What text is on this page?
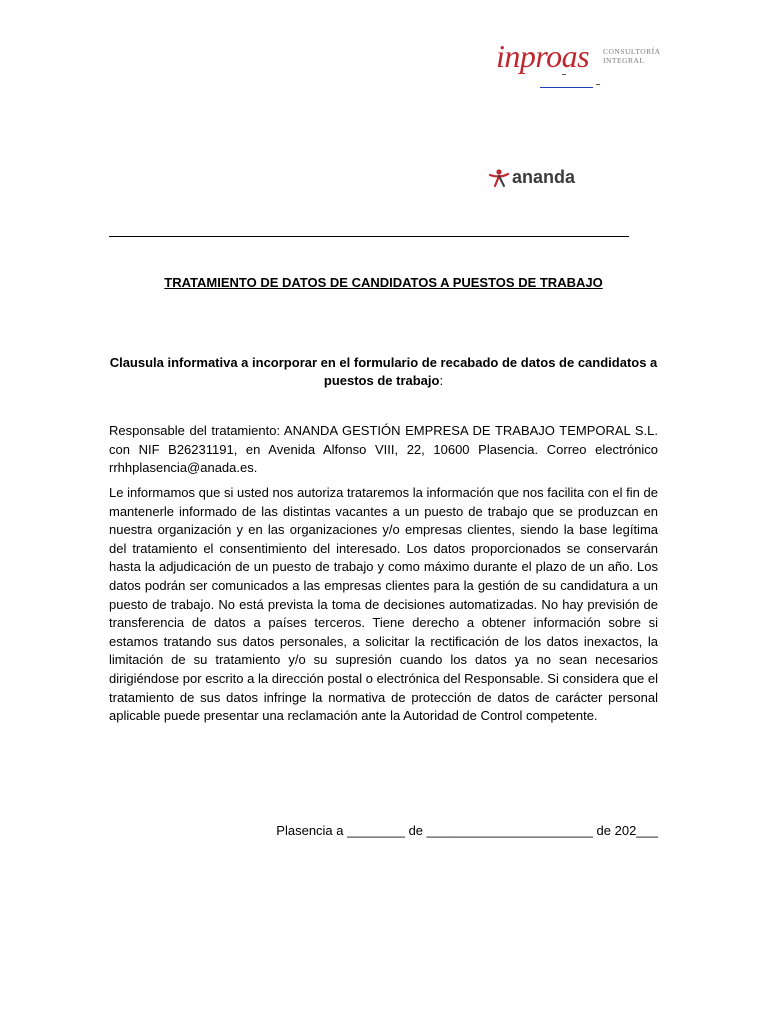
inproas CONSULTORÍA
INTEGRAL
ananda
TRATAMIENTO DE DATOS DE CANDIDATOS A PUESTOS DE TRABAJO
Clausula informativa a incorporar en el formulario de recabado de datos de candidatos a puestos de trabajo:
Responsable del tratamiento: ANANDA GESTIÓN EMPRESA DE TRABAJO TEMPORAL S.L. con NIF B26231191, en Avenida Alfonso VIII, 22, 10600 Plasencia. Correo electrónico rrhhplasencia@anada.es.
Le informamos que si usted nos autoriza trataremos la información que nos facilita con el fin de mantenerle informado de las distintas vacantes a un puesto de trabajo que se produzcan en nuestra organización y en las organizaciones y/o empresas clientes, siendo la base legítima del tratamiento el consentimiento del interesado. Los datos proporcionados se conservarán hasta la adjudicación de un puesto de trabajo y como máximo durante el plazo de un año. Los datos podrán ser comunicados a las empresas clientes para la gestión de su candidatura a un puesto de trabajo. No está prevista la toma de decisiones automatizadas. No hay previsión de transferencia de datos a países terceros. Tiene derecho a obtener información sobre si estamos tratando sus datos personales, a solicitar la rectificación de los datos inexactos, la limitación de su tratamiento y/o su supresión cuando los datos ya no sean necesarios dirigiéndose por escrito a la dirección postal o electrónica del Responsable. Si considera que el tratamiento de sus datos infringe la normativa de protección de datos de carácter personal aplicable puede presentar una reclamación ante la Autoridad de Control competente.
Plasencia a ________ de _______________________ de 202___
